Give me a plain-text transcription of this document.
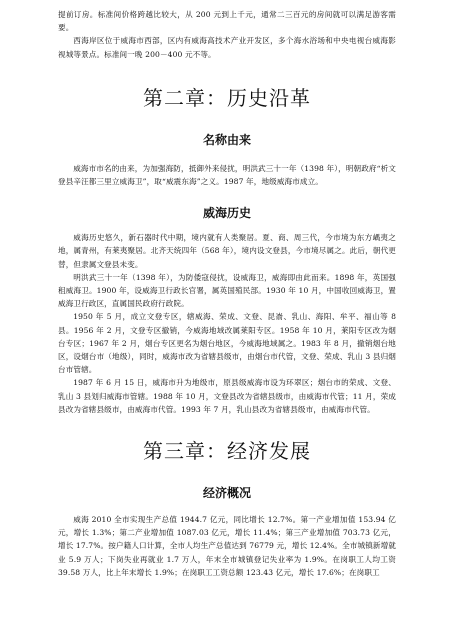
提前订房。标准间价格跨越比较大，从 200 元到上千元，通常二三百元的房间就可以满足游客需要。

西海岸区位于威海市西部，区内有威海高技术产业开发区，多个海水浴场和中央电视台威海影视城等景点。标准间一晚 200－400 元不等。

第二章：历史沿革
名称由来

威海市市名的由来，为加强海防，抵御外来侵扰，明洪武三十一年（1398 年），明朝政府“析文登县辛汪都三里立威海卫”，取“威震东海”之义。1987 年，地级威海市成立。

威海历史

威海历史悠久，新石器时代中期，境内就有人类聚居。夏、商、周三代，今市境为东方嵎夷之地，属青州，有莱夷聚居。北齐天统四年（568 年），境内设文登县，今市境尽属之。此后，朝代更替，但隶属文登县未变。

明洪武三十一年（1398 年），为防倭寇侵扰，设威海卫，威海即由此而来。1898 年，英国强租威海卫。1900 年，设威海卫行政长官署，属英国殖民部。1930 年 10 月，中国收回威海卫，置威海卫行政区，直属国民政府行政院。

1950 年 5 月，成立文登专区，辖威海、荣成、文登、昆嵛、乳山、海阳、牟平、福山等 8 县。1956 年 2 月，文登专区撤销，今威海地域改属莱阳专区。1958 年 10 月，莱阳专区改为烟台专区；1967 年 2 月，烟台专区更名为烟台地区，今威海地域属之。1983 年 8 月，撤销烟台地区，设烟台市（地级），同时，威海市改为省辖县级市，由烟台市代管，文登、荣成、乳山 3 县归烟台市管辖。

1987 年 6 月 15 日，威海市升为地级市，原县级威海市设为环翠区；烟台市的荣成、文登、乳山 3 县划归威海市管辖。1988 年 10 月，文登县改为省辖县级市，由威海市代管；11 月，荣成县改为省辖县级市，由威海市代管。1993 年 7 月，乳山县改为省辖县级市，由威海市代管。

第三章：经济发展
经济概况

威海 2010 全市实现生产总值 1944.7 亿元，同比增长 12.7%。第一产业增加值 153.94 亿元，增长 1.3%；第二产业增加值 1087.03 亿元，增长 11.4%；第三产业增加值 703.73 亿元，增长 17.7%。按户籍人口计算，全市人均生产总值达到 76779 元，增长 12.4%。全市城镇新增就业 5.9 万人；下岗失业再就业 1.7 万人，年末全市城镇登记失业率为 1.9%。在岗职工人均工资 39.58 万人，比上年末增长 1.9%；在岗职工工资总额 123.43 亿元，增长 17.6%；在岗职工
